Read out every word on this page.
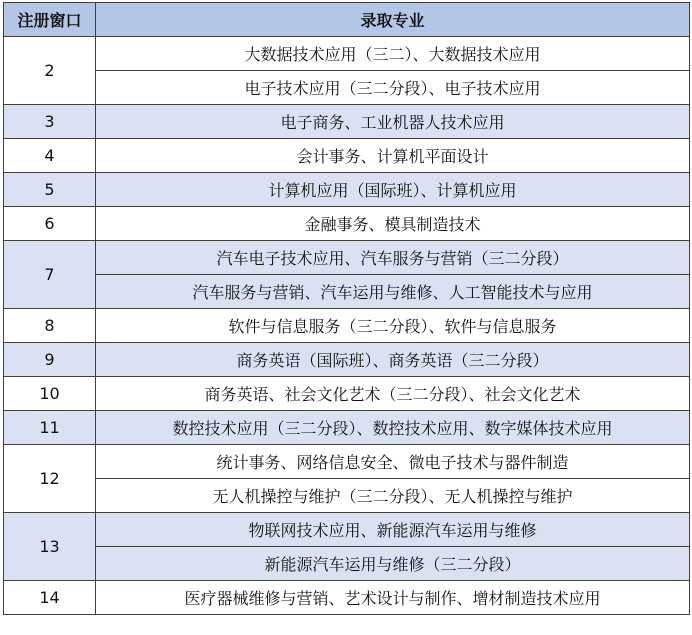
注册窗口	录取专业
2	大数据技术应用（三二）、大数据技术应用
	电子技术应用（三二分段）、电子技术应用
3	电子商务、工业机器人技术应用
4	会计事务、计算机平面设计
5	计算机应用（国际班）、计算机应用
6	金融事务、模具制造技术
7	汽车电子技术应用、汽车服务与营销（三二分段）
	汽车服务与营销、汽车运用与维修、人工智能技术与应用
8	软件与信息服务（三二分段）、软件与信息服务
9	商务英语（国际班）、商务英语（三二分段）
10	商务英语、社会文化艺术（三二分段）、社会文化艺术
11	数控技术应用（三二分段）、数控技术应用、数字媒体技术应用
12	统计事务、网络信息安全、微电子技术与器件制造
	无人机操控与维护（三二分段）、无人机操控与维护
13	物联网技术应用、新能源汽车运用与维修
	新能源汽车运用与维修（三二分段）
14	医疗器械维修与营销、艺术设计与制作、增材制造技术应用
